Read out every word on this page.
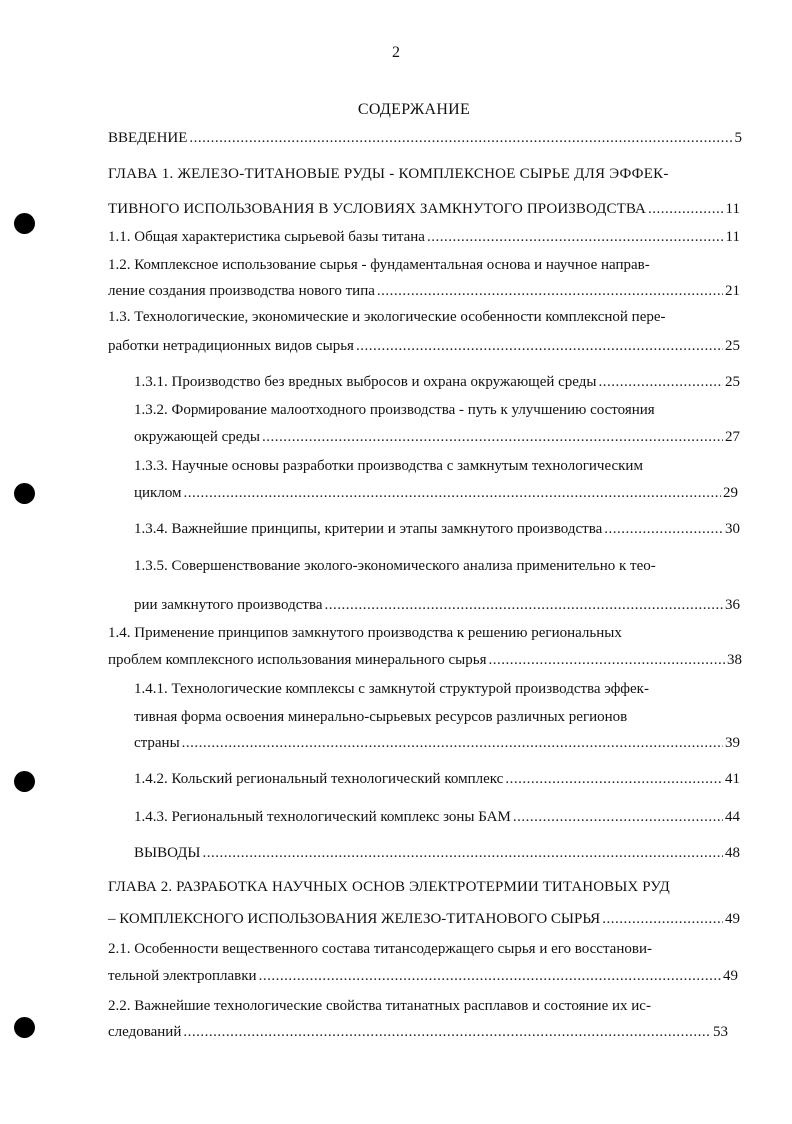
2
СОДЕРЖАНИЕ
ВВЕДЕНИЕ .....	5
ГЛАВА 1. ЖЕЛЕЗО-ТИТАНОВЫЕ РУДЫ - КОМПЛЕКСНОЕ СЫРЬЕ ДЛЯ ЭФФЕК-
ТИВНОГО ИСПОЛЬЗОВАНИЯ В УСЛОВИЯХ ЗАМКНУТОГО ПРОИЗВОДСТВА .....	11
1.1. Общая характеристика сырьевой базы титана .....	11
1.2. Комплексное использование сырья - фундаментальная основа и научное направ-
ление создания производства нового типа .....	21
1.3. Технологические, экономические и экологические особенности комплексной пере-
работки нетрадиционных видов сырья .....	25
1.3.1. Производство без вредных выбросов и охрана окружающей среды .....	25
1.3.2. Формирование малоотходного производства - путь к улучшению состояния
окружающей среды .....	27
1.3.3. Научные основы разработки производства с замкнутым технологическим
циклом .....	29
1.3.4. Важнейшие принципы, критерии и этапы замкнутого производства .....	30
1.3.5. Совершенствование эколого-экономического анализа применительно к тео-
рии замкнутого производства .....	36
1.4. Применение принципов замкнутого производства к решению региональных
проблем комплексного использования минерального сырья .....	38
1.4.1. Технологические комплексы с замкнутой структурой производства эффек-
тивная форма освоения минерально-сырьевых ресурсов различных регионов
страны .....	39
1.4.2. Кольский региональный технологический комплекс .....	41
1.4.3. Региональный технологический комплекс зоны БАМ .....	44
ВЫВОДЫ .....	48
ГЛАВА 2. РАЗРАБОТКА НАУЧНЫХ ОСНОВ ЭЛЕКТРОТЕРМИИ ТИТАНОВЫХ РУД
– КОМПЛЕКСНОГО ИСПОЛЬЗОВАНИЯ ЖЕЛЕЗО-ТИТАНОВОГО СЫРЬЯ .....	49
2.1. Особенности вещественного состава титансодержащего сырья и его восстанови-
тельной электроплавки .....	49
2.2. Важнейшие технологические свойства титанатных расплавов и состояние их ис-
следований .....	53
